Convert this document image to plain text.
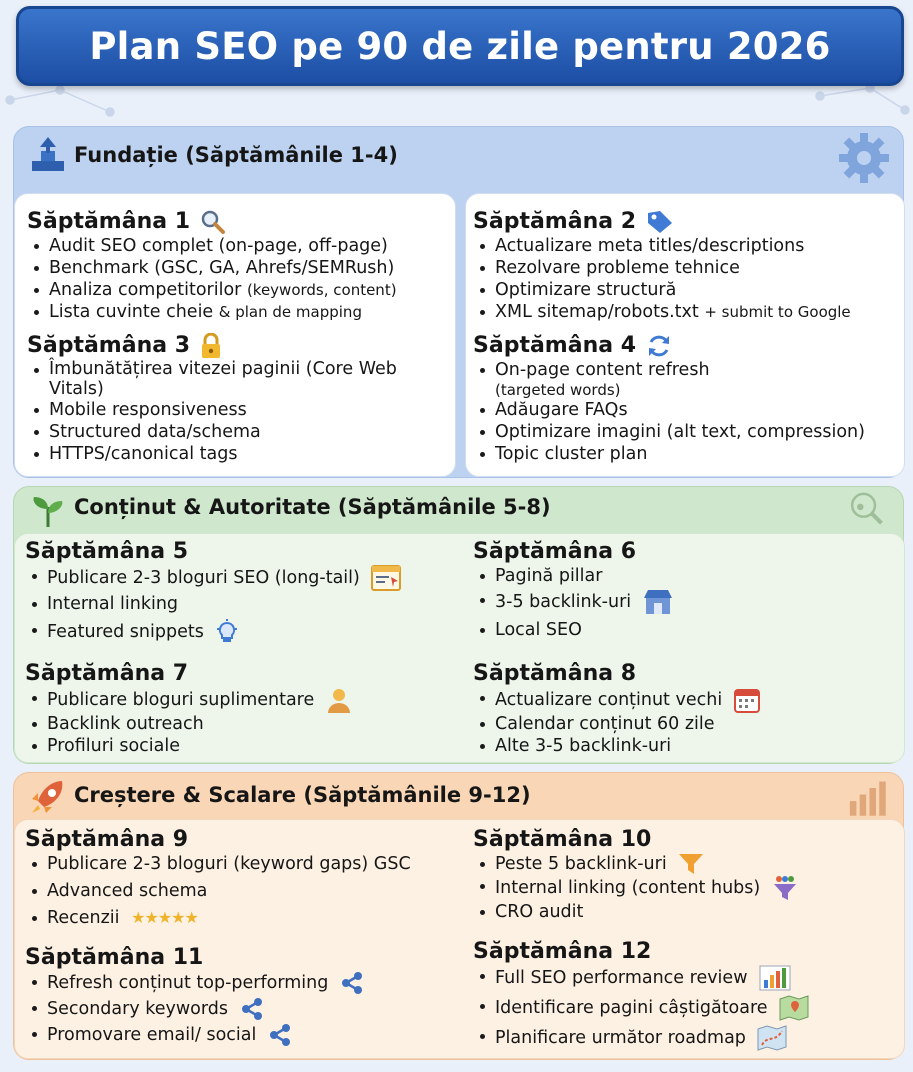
Plan SEO pe 90 de zile pentru 2026
Fundație (Săptămânile 1-4)
Săptămâna 1
Audit SEO complet (on-page, off-page)
Benchmark (GSC, GA, Ahrefs/SEMRush)
Analiza competitorilor (keywords, content)
Lista cuvinte cheie & plan de mapping
Săptămâna 2
Actualizare meta titles/descriptions
Rezolvare probleme tehnice
Optimizare structură
XML sitemap/robots.txt + submit to Google
Săptămâna 3
Îmbunătățirea vitezei paginii (Core Web Vitals)
Mobile responsiveness
Structured data/schema
HTTPS/canonical tags
Săptămâna 4
On-page content refresh
(targeted words)
Adăugare FAQs
Optimizare imagini (alt text, compression)
Topic cluster plan
Conținut & Autoritate (Săptămânile 5-8)
Săptămâna 5
Publicare 2-3 bloguri SEO (long-tail)
Internal linking
Featured snippets
Săptămâna 6
Pagină pillar
3-5 backlink-uri
Local SEO
Săptămâna 7
Publicare bloguri suplimentare
Backlink outreach
Profiluri sociale
Săptămâna 8
Actualizare conținut vechi
Calendar conținut 60 zile
Alte 3-5 backlink-uri
Creștere & Scalare (Săptămânile 9-12)
Săptămâna 9
Publicare 2-3 bloguri (keyword gaps) GSC
Advanced schema
Recenzii ★★★★★
Săptămâna 10
Peste 5 backlink-uri
Internal linking (content hubs)
CRO audit
Săptămâna 11
Refresh conținut top-performing
Secondary keywords
Promovare email/ social
Săptămâna 12
Full SEO performance review
Identificare pagini câștigătoare
Planificare următor roadmap
